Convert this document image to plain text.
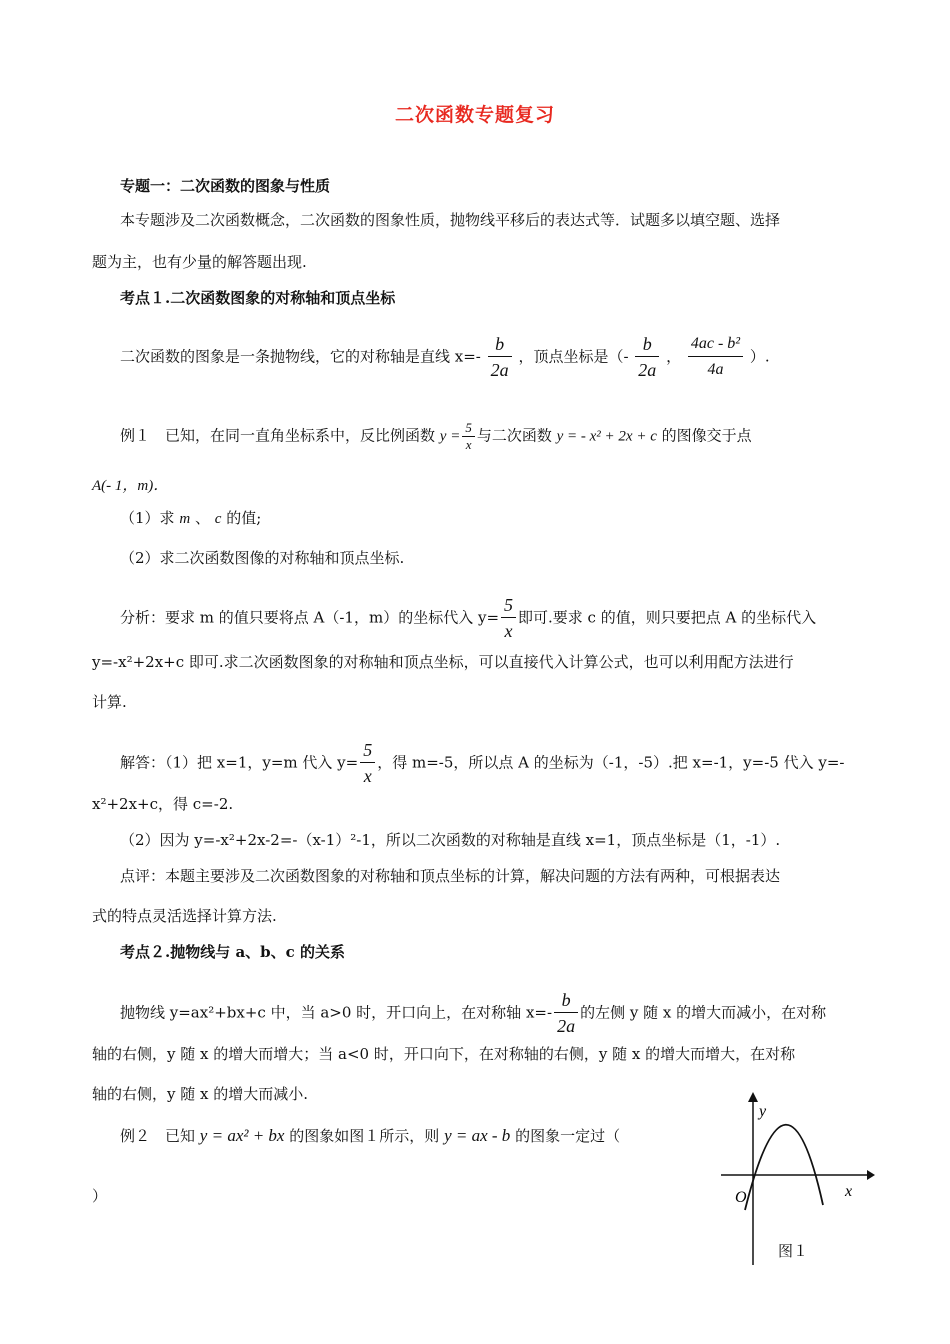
二次函数专题复习
专题一：二次函数的图象与性质
本专题涉及二次函数概念，二次函数的图象性质，抛物线平移后的表达式等．试题多以填空题、选择
题为主，也有少量的解答题出现.
考点１.二次函数图象的对称轴和顶点坐标
二次函数的图象是一条抛物线，它的对称轴是直线 $x=- \frac{b}{2a}$ ，顶点坐标是（- $\frac{b}{2a}$ ， $\frac{\text{4ac - b²}}{4a}$ ）.
例１　已知，在同一直角坐标系中，反比例函数 $y = \frac{5}{x}$ 与二次函数 y = - x² + 2x + c 的图像交于点
A(- 1，m)．
（1）求 m 、 c 的值;
（2）求二次函数图像的对称轴和顶点坐标.
分析：要求 m 的值只要将点 A（-1，m）的坐标代入 $y= \frac{5}{x}$ 即可.要求 c 的值，则只要把点 A 的坐标代入
y=-x²+2x+c 即可.求二次函数图象的对称轴和顶点坐标，可以直接代入计算公式，也可以利用配方法进行
计算.
解答：（1）把 x=1，y=m 代入 $y= \frac{5}{x}$ ，得 m=-5，所以点 A 的坐标为（-1，-5）.把 x=-1，y=-5 代入 y=-
x²+2x+c，得 c=-2.
（2）因为 y=-x²+2x-2=-（x-1）²-1，所以二次函数的对称轴是直线 x=1，顶点坐标是（1，-1）.
点评：本题主要涉及二次函数图象的对称轴和顶点坐标的计算，解决问题的方法有两种，可根据表达
式的特点灵活选择计算方法.
考点２.抛物线与 a、b、c 的关系
抛物线 y=ax²+bx+c 中，当 a>0 时，开口向上，在对称轴 $x=- \frac{b}{2a}$ 的左侧 y 随 x 的增大而减小，在对称
轴的右侧，y 随 x 的增大而增大；当 a<0 时，开口向下，在对称轴的右侧，y 随 x 的增大而增大，在对称
轴的右侧，y 随 x 的增大而减小.
例２　已知 y = ax² + bx 的图象如图１所示，则 y = ax - b 的图象一定过（
）
y
x
O
图１
